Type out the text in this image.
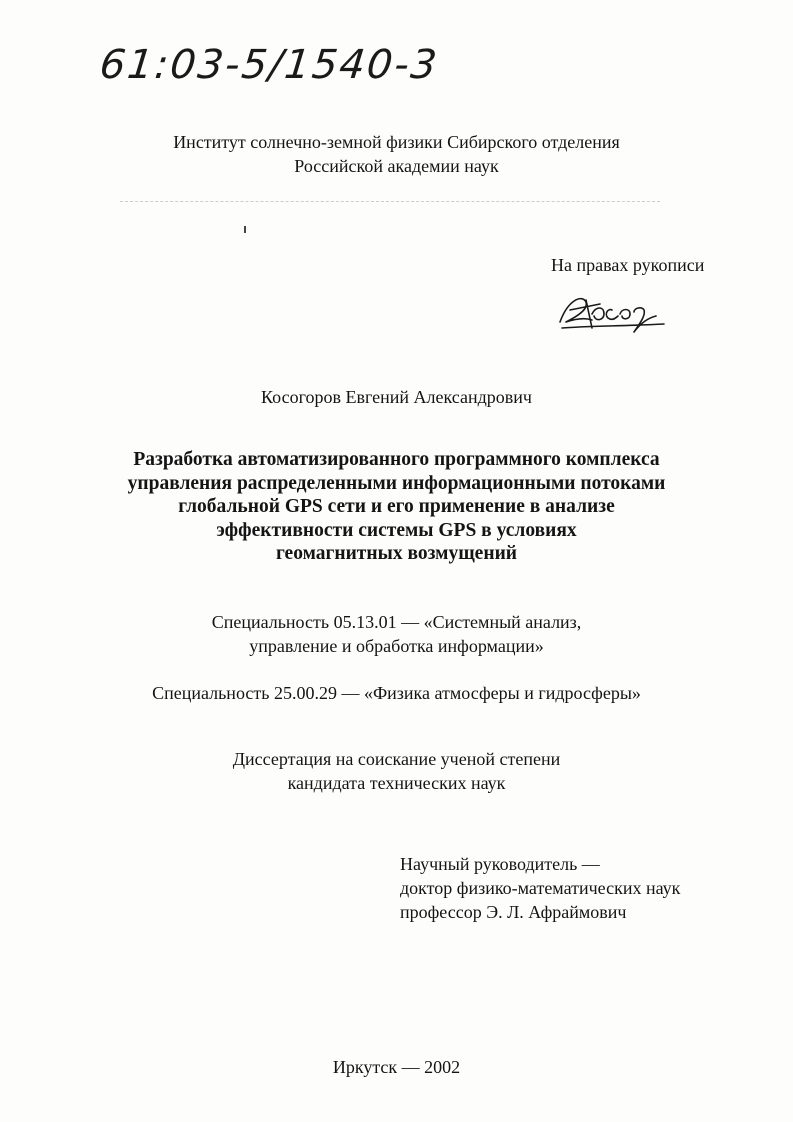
61:03-5/1540-3
Институт солнечно-земной физики Сибирского отделения
Российской академии наук
На правах рукописи
Косогоров Евгений Александрович
Разработка автоматизированного программного комплекса
управления распределенными информационными потоками
глобальной GPS сети и его применение в анализе
эффективности системы GPS в условиях
геомагнитных возмущений
Специальность 05.13.01 — «Системный анализ,
управление и обработка информации»
Специальность 25.00.29 — «Физика атмосферы и гидросферы»
Диссертация на соискание ученой степени
кандидата технических наук
Научный руководитель —
доктор физико-математических наук
профессор Э. Л. Афраймович
Иркутск — 2002
